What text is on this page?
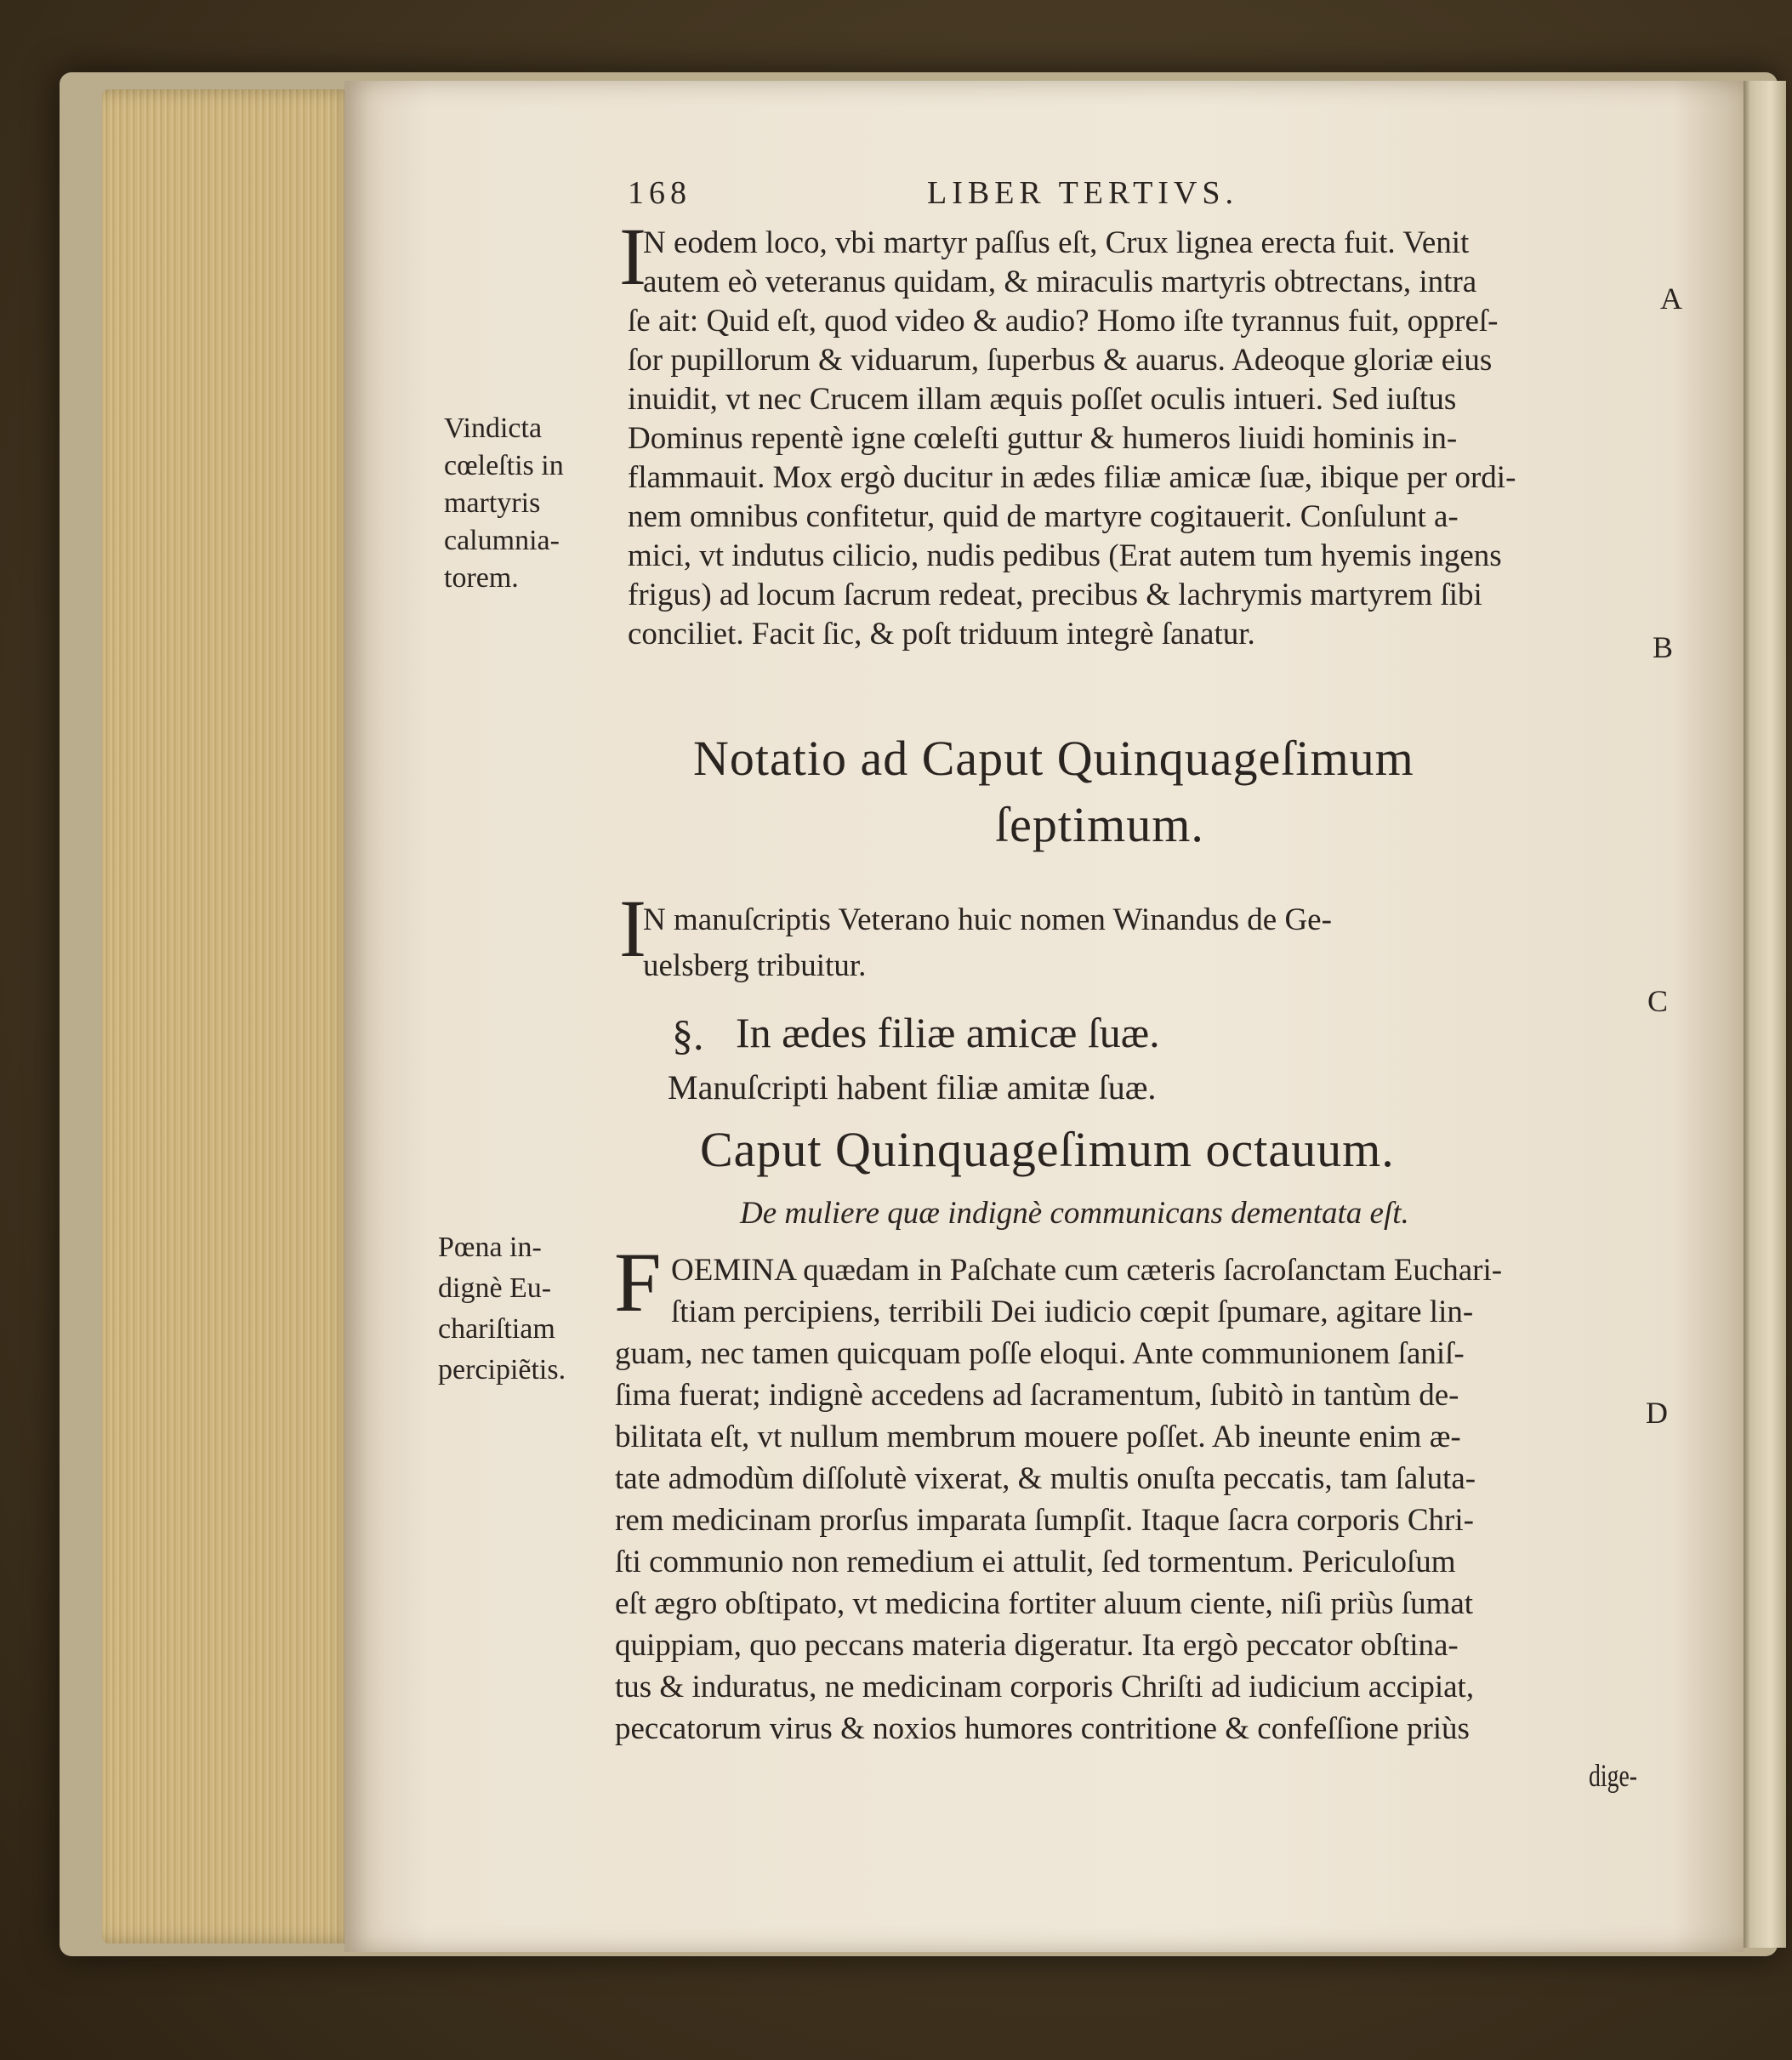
168	LIBER TERTIVS.
I
N eodem loco, vbi martyr paſſus eſt, Crux lignea erecta fuit. Venit
autem eò veteranus quidam, & miraculis martyris obtrectans, intra
ſe ait: Quid eſt, quod video & audio? Homo iſte tyrannus fuit, oppreſ-
ſor pupillorum & viduarum, ſuperbus & auarus. Adeoque gloriæ eius
inuidit, vt nec Crucem illam æquis poſſet oculis intueri. Sed iuſtus
Dominus repentè igne cœleſti guttur & humeros liuidi hominis in-
flammauit. Mox ergò ducitur in ædes filiæ amicæ ſuæ, ibique per ordi-
nem omnibus confitetur, quid de martyre cogitauerit. Conſulunt a-
mici, vt indutus cilicio, nudis pedibus (Erat autem tum hyemis ingens
frigus) ad locum ſacrum redeat, precibus & lachrymis martyrem ſibi
conciliet. Facit ſic, & poſt triduum integrè ſanatur.
Vindicta
cœleſtis in
martyris
calumnia-
torem.
A
B
C
D
Notatio ad Caput Quinquageſimum
ſeptimum.
I
N manuſcriptis Veterano huic nomen Winandus de Ge-
uelsberg tribuitur.
§. In ædes filiæ amicæ ſuæ.
Manuſcripti habent filiæ amitæ ſuæ.
Caput Quinquageſimum octauum.
De muliere quæ indignè communicans dementata eſt.
Pœna in-
dignè Eu-
chariſtiam
percipiẽtis.
F OEMINA quædam in Paſchate cum cæteris ſacroſanctam Euchari-
ſtiam percipiens, terribili Dei iudicio cœpit ſpumare, agitare lin-
guam, nec tamen quicquam poſſe eloqui. Ante communionem ſaniſ-
ſima fuerat; indignè accedens ad ſacramentum, ſubitò in tantùm de-
bilitata eſt, vt nullum membrum mouere poſſet. Ab ineunte enim æ-
tate admodùm diſſolutè vixerat, & multis onuſta peccatis, tam ſaluta-
rem medicinam prorſus imparata ſumpſit. Itaque ſacra corporis Chri-
ſti communio non remedium ei attulit, ſed tormentum. Periculoſum
eſt ægro obſtipato, vt medicina fortiter aluum ciente, niſi priùs ſumat
quippiam, quo peccans materia digeratur. Ita ergò peccator obſtina-
tus & induratus, ne medicinam corporis Chriſti ad iudicium accipiat,
peccatorum virus & noxios humores contritione & confeſſione priùs
dige-
